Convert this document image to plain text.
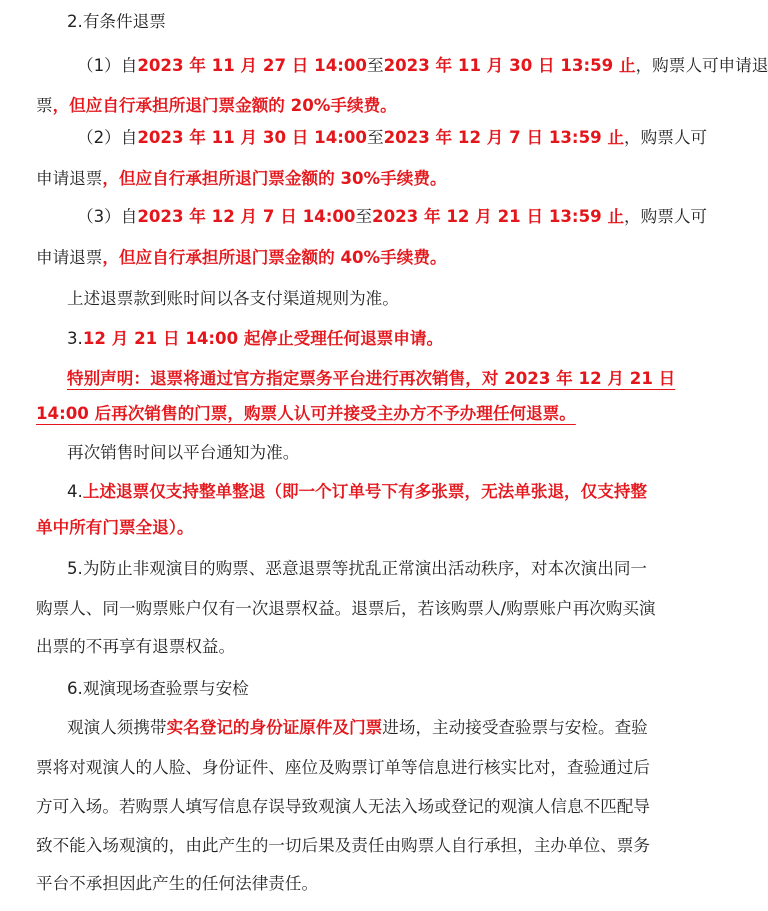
2.有条件退票
（1）自2023 年 11 月 27 日 14:00至2023 年 11 月 30 日 13:59 止，购票人可申请退
票，但应自行承担所退门票金额的 20%手续费。
（2）自2023 年 11 月 30 日 14:00至2023 年 12 月 7 日 13:59 止，购票人可
申请退票，但应自行承担所退门票金额的 30%手续费。
（3）自2023 年 12 月 7 日 14:00至2023 年 12 月 21 日 13:59 止，购票人可
申请退票，但应自行承担所退门票金额的 40%手续费。
上述退票款到账时间以各支付渠道规则为准。
3.12 月 21 日 14:00 起停止受理任何退票申请。
特别声明：退票将通过官方指定票务平台进行再次销售，对 2023 年 12 月 21 日
14:00 后再次销售的门票，购票人认可并接受主办方不予办理任何退票。
再次销售时间以平台通知为准。
4.上述退票仅支持整单整退（即一个订单号下有多张票，无法单张退，仅支持整
单中所有门票全退）。
5.为防止非观演目的购票、恶意退票等扰乱正常演出活动秩序，对本次演出同一
购票人、同一购票账户仅有一次退票权益。退票后，若该购票人/购票账户再次购买演
出票的不再享有退票权益。
6.观演现场查验票与安检
观演人须携带实名登记的身份证原件及门票进场，主动接受查验票与安检。查验
票将对观演人的人脸、身份证件、座位及购票订单等信息进行核实比对，查验通过后
方可入场。若购票人填写信息存误导致观演人无法入场或登记的观演人信息不匹配导
致不能入场观演的，由此产生的一切后果及责任由购票人自行承担，主办单位、票务
平台不承担因此产生的任何法律责任。
